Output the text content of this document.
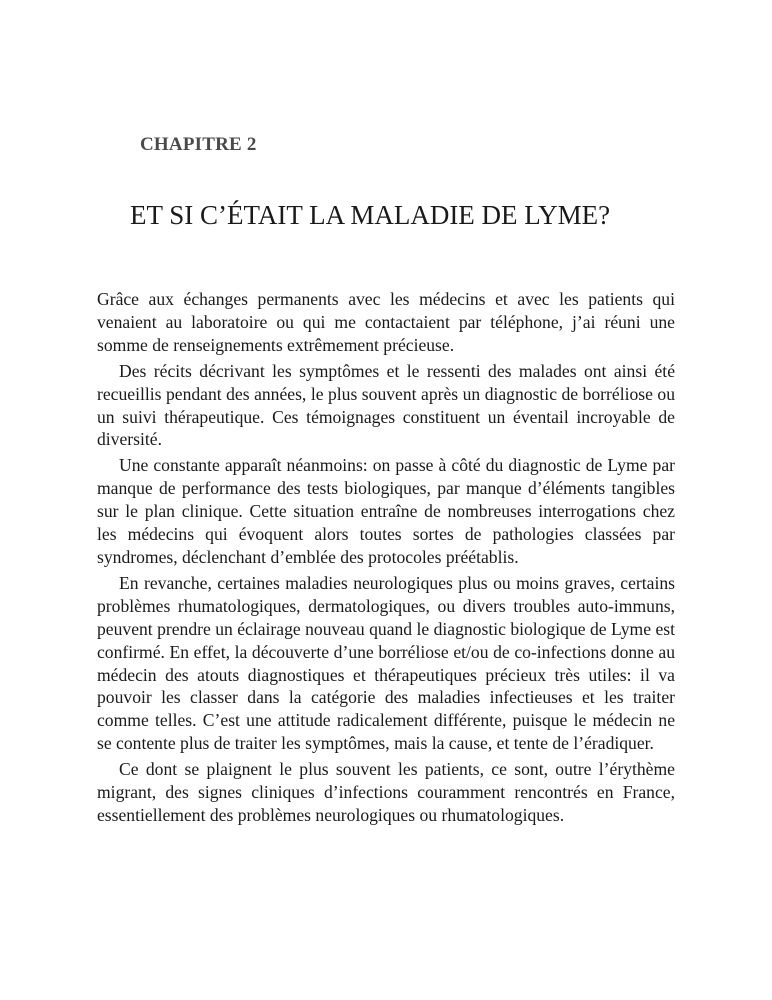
CHAPITRE 2
ET SI C’ÉTAIT LA MALADIE DE LYME?

Grâce aux échanges permanents avec les médecins et avec les patients qui venaient au laboratoire ou qui me contactaient par téléphone, j’ai réuni une somme de renseignements extrêmement précieuse.

Des récits décrivant les symptômes et le ressenti des malades ont ainsi été recueillis pendant des années, le plus souvent après un diagnostic de borréliose ou un suivi thérapeutique. Ces témoignages constituent un éventail incroyable de diversité.

Une constante apparaît néanmoins: on passe à côté du diagnostic de Lyme par manque de performance des tests biologiques, par manque d’éléments tangibles sur le plan clinique. Cette situation entraîne de nombreuses interrogations chez les médecins qui évoquent alors toutes sortes de pathologies classées par syndromes, déclenchant d’emblée des protocoles préétablis.

En revanche, certaines maladies neurologiques plus ou moins graves, certains problèmes rhumatologiques, dermatologiques, ou divers troubles auto-immuns, peuvent prendre un éclairage nouveau quand le diagnostic biologique de Lyme est confirmé. En effet, la découverte d’une borréliose et/ou de co-infections donne au médecin des atouts diagnostiques et thérapeutiques précieux très utiles: il va pouvoir les classer dans la catégorie des maladies infectieuses et les traiter comme telles. C’est une attitude radicalement différente, puisque le médecin ne se contente plus de traiter les symptômes, mais la cause, et tente de l’éradiquer.

Ce dont se plaignent le plus souvent les patients, ce sont, outre l’érythème migrant, des signes cliniques d’infections couramment rencontrés en France, essentiellement des problèmes neurologiques ou rhumatologiques.
